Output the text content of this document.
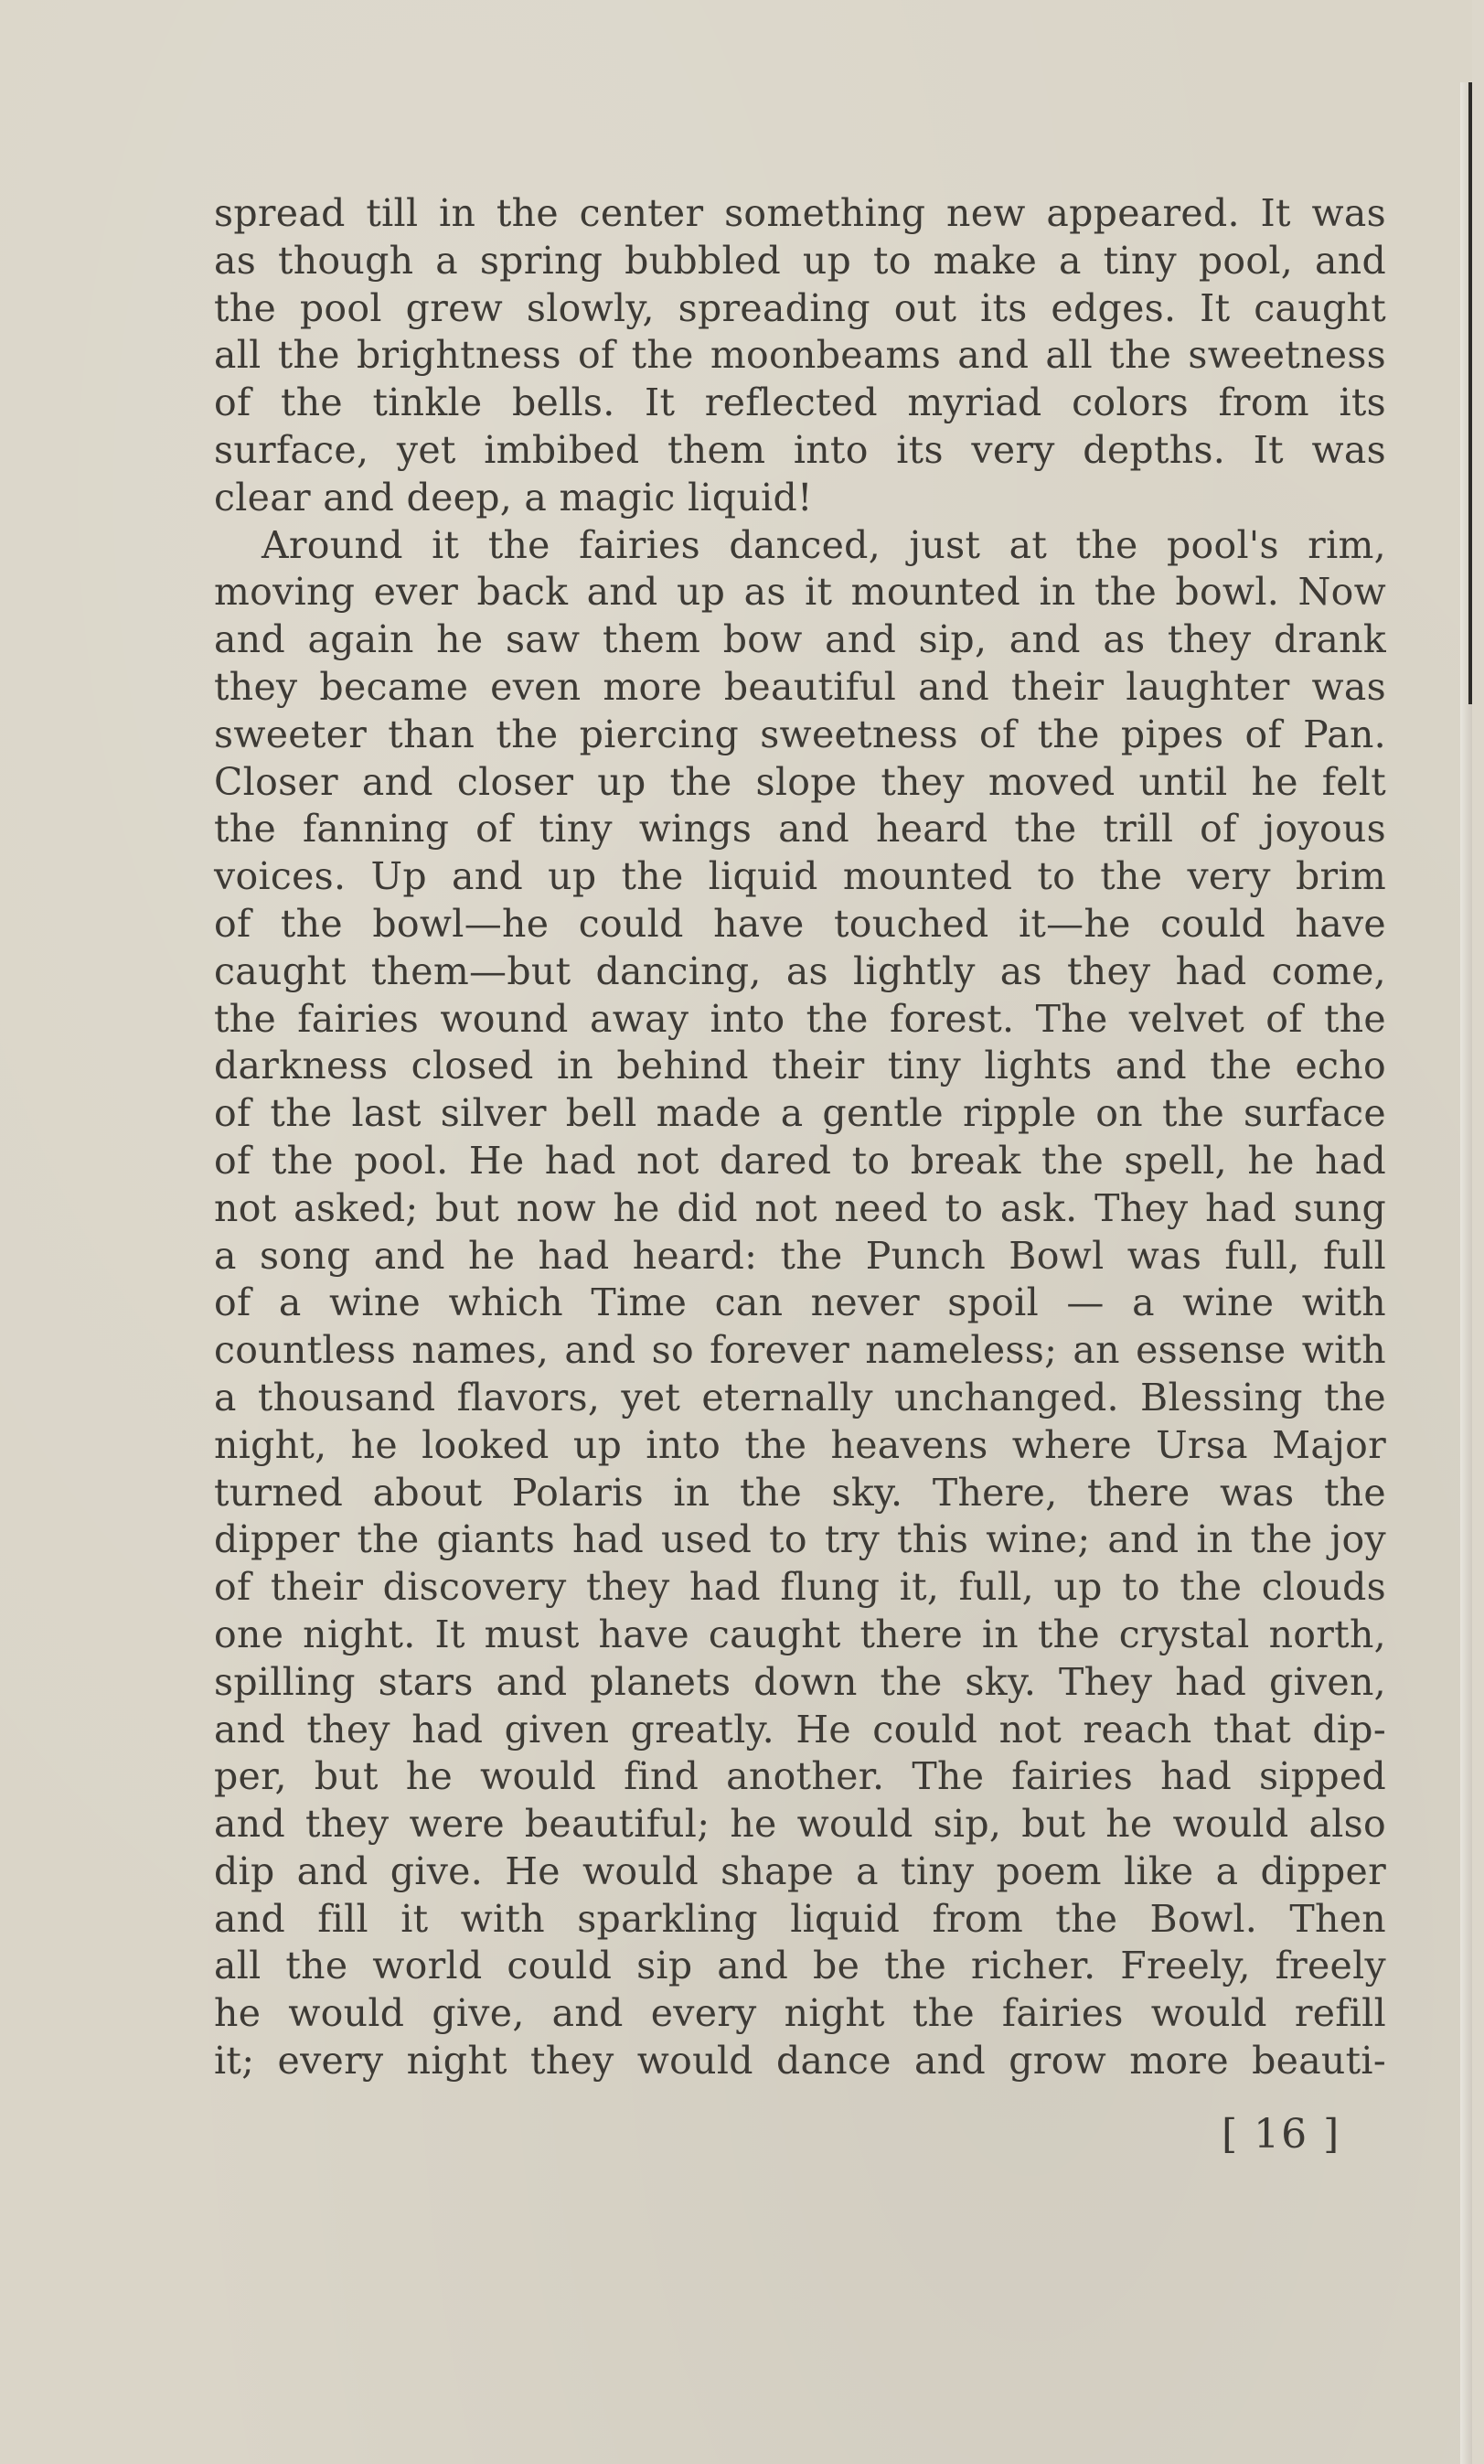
spread till in the center something new appeared. It was
as though a spring bubbled up to make a tiny pool, and
the pool grew slowly, spreading out its edges. It caught
all the brightness of the moonbeams and all the sweetness
of the tinkle bells. It reflected myriad colors from its
surface, yet imbibed them into its very depths. It was
clear and deep, a magic liquid!
Around it the fairies danced, just at the pool's rim,
moving ever back and up as it mounted in the bowl. Now
and again he saw them bow and sip, and as they drank
they became even more beautiful and their laughter was
sweeter than the piercing sweetness of the pipes of Pan.
Closer and closer up the slope they moved until he felt
the fanning of tiny wings and heard the trill of joyous
voices. Up and up the liquid mounted to the very brim
of the bowl—he could have touched it—he could have
caught them—but dancing, as lightly as they had come,
the fairies wound away into the forest. The velvet of the
darkness closed in behind their tiny lights and the echo
of the last silver bell made a gentle ripple on the surface
of the pool. He had not dared to break the spell, he had
not asked; but now he did not need to ask. They had sung
a song and he had heard: the Punch Bowl was full, full
of a wine which Time can never spoil — a wine with
countless names, and so forever nameless; an essense with
a thousand flavors, yet eternally unchanged. Blessing the
night, he looked up into the heavens where Ursa Major
turned about Polaris in the sky. There, there was the
dipper the giants had used to try this wine; and in the joy
of their discovery they had flung it, full, up to the clouds
one night. It must have caught there in the crystal north,
spilling stars and planets down the sky. They had given,
and they had given greatly. He could not reach that dip-
per, but he would find another. The fairies had sipped
and they were beautiful; he would sip, but he would also
dip and give. He would shape a tiny poem like a dipper
and fill it with sparkling liquid from the Bowl. Then
all the world could sip and be the richer. Freely, freely
he would give, and every night the fairies would refill
it; every night they would dance and grow more beauti-
[ 16 ]
